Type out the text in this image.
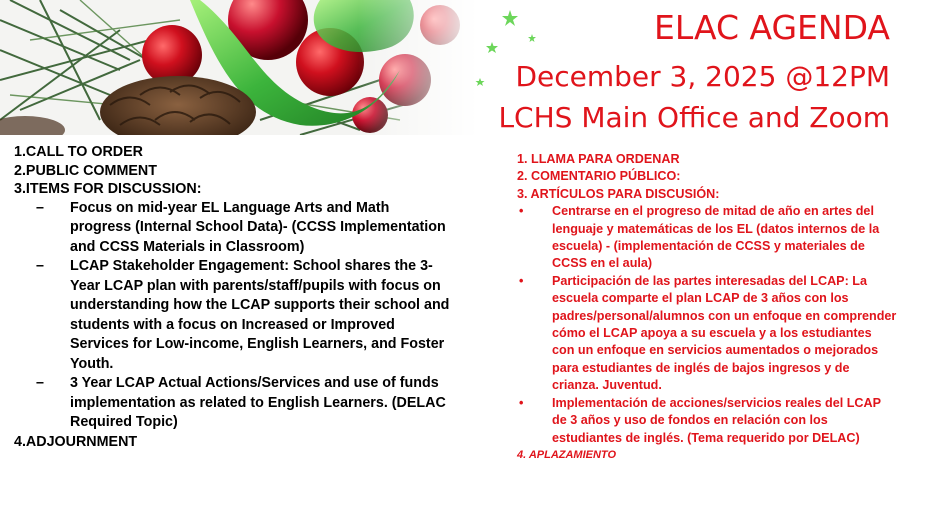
ELAC AGENDA
December 3, 2025 @12PM
LCHS Main Office and Zoom
1.CALL TO ORDER
2.PUBLIC COMMENT
3.ITEMS FOR DISCUSSION:
– Focus on mid-year EL Language Arts and Math progress (Internal School Data)- (CCSS Implementation and CCSS Materials in Classroom)
– LCAP Stakeholder Engagement: School shares the 3-Year LCAP plan with parents/staff/pupils with focus on understanding how the LCAP supports their school and students with a focus on Increased or Improved Services for Low-income, English Learners, and Foster Youth.
– 3 Year LCAP Actual Actions/Services and use of funds implementation as related to English Learners. (DELAC Required Topic)
4.ADJOURNMENT
1. LLAMA PARA ORDENAR
2. COMENTARIO PÚBLICO:
3. ARTÍCULOS PARA DISCUSIÓN:
• Centrarse en el progreso de mitad de año en artes del lenguaje y matemáticas de los EL (datos internos de la escuela) - (implementación de CCSS y materiales de CCSS en el aula)
• Participación de las partes interesadas del LCAP: La escuela comparte el plan LCAP de 3 años con los padres/personal/alumnos con un enfoque en comprender cómo el LCAP apoya a su escuela y a los estudiantes con un enfoque en servicios aumentados o mejorados para estudiantes de inglés de bajos ingresos y de crianza. Juventud.
• Implementación de acciones/servicios reales del LCAP de 3 años y uso de fondos en relación con los estudiantes de inglés. (Tema requerido por DELAC)
4. APLAZAMIENTO
